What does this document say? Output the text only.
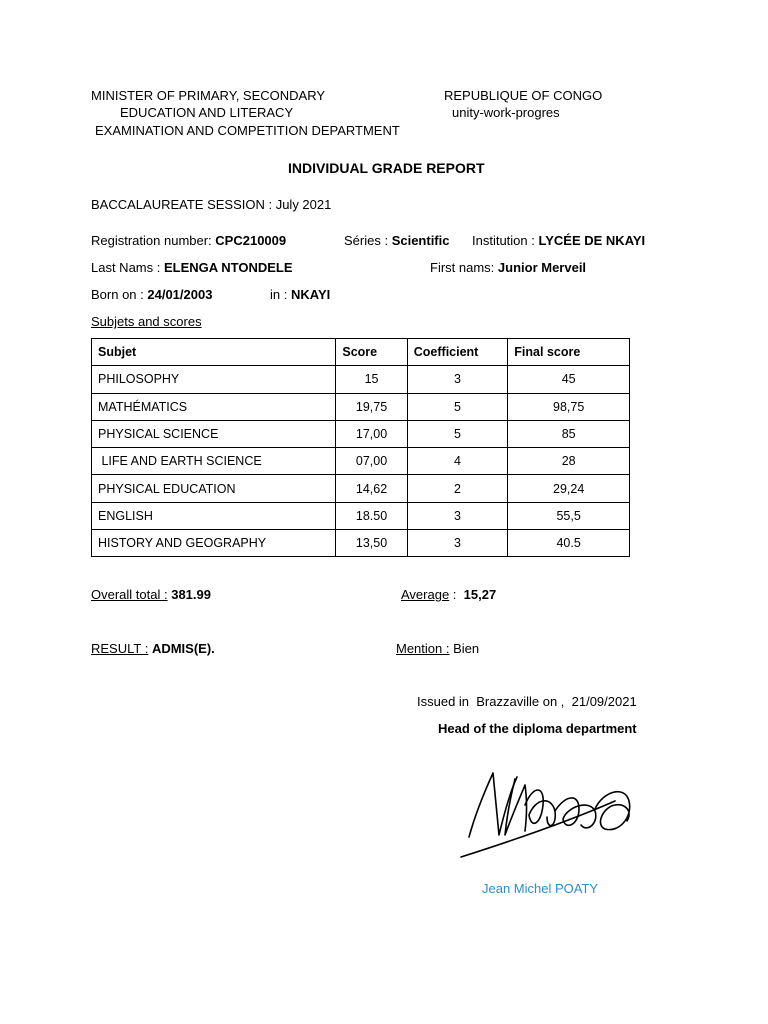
MINISTER OF PRIMARY, SECONDARY
EDUCATION AND LITERACY
EXAMINATION AND COMPETITION DEPARTMENT
REPUBLIQUE OF CONGO
unity-work-progres
INDIVIDUAL GRADE REPORT
BACCALAUREATE SESSION : July 2021
Registration number: CPC210009	Séries : Scientific Institution : LYCÉE DE NKAYI
Last Nams : ELENGA NTONDELE	First nams: Junior Merveil
Born on : 24/01/2003	in : NKAYI
Subjets and scores
Subjet	Score	Coefficient	Final score
PHILOSOPHY	15	3	45
MATHÉMATICS	19,75	5	98,75
PHYSICAL SCIENCE	17,00	5	85
LIFE AND EARTH SCIENCE	07,00	4	28
PHYSICAL EDUCATION	14,62	2	29,24
ENGLISH	18.50	3	55,5
HISTORY AND GEOGRAPHY	13,50	3	40.5
Overall total : 381.99	Average :  15,27
RESULT : ADMIS(E).	Mention : Bien
Issued in  Brazzaville on ,  21/09/2021
Head of the diploma department
Jean Michel POATY
